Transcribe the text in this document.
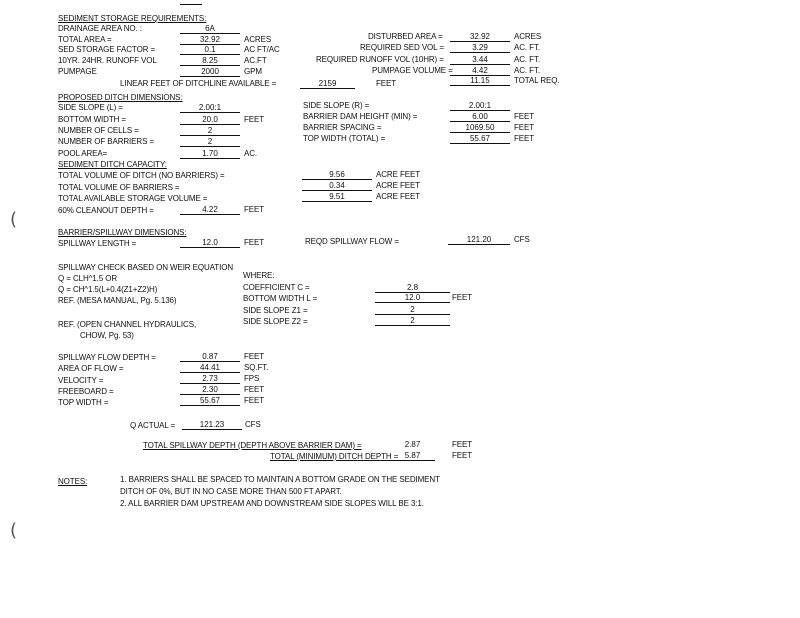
SEDIMENT STORAGE REQUIREMENTS:
DRAINAGE AREA NO. :	6A
TOTAL AREA =	32.92	ACRES
SED STORAGE FACTOR =	0.1	AC FT/AC
10YR. 24HR. RUNOFF VOL	8.25	AC.FT
PUMPAGE	2000	GPM
DISTURBED AREA =	32.92	ACRES
REQUIRED SED VOL =	3.29	AC. FT.
REQUIRED RUNOFF VOL (10HR) =	3.44	AC. FT.
PUMPAGE VOLUME =	4.42	AC. FT.
LINEAR FEET OF DITCHLINE AVAILABLE =	2159	FEET	11.15	TOTAL REQ.
PROPOSED DITCH DIMENSIONS:
SIDE SLOPE (L) =	2.00:1
BOTTOM WIDTH =	20.0	FEET
NUMBER OF CELLS =	2
NUMBER OF BARRIERS =	2
POOL AREA=	1.70	AC.
SIDE SLOPE (R) =	2.00:1
BARRIER DAM HEIGHT (MIN) =	6.00	FEET
BARRIER SPACING =	1069.50	FEET
TOP WIDTH (TOTAL) =	55.67	FEET
SEDIMENT DITCH CAPACITY:
TOTAL VOLUME OF DITCH (NO BARRIERS) =	9.56	ACRE FEET
TOTAL VOLUME OF BARRIERS =	0.34	ACRE FEET
TOTAL AVAILABLE STORAGE VOLUME =	9.51	ACRE FEET
60% CLEANOUT DEPTH =	4.22	FEET
BARRIER/SPILLWAY DIMENSIONS:
SPILLWAY LENGTH =	12.0	FEET	REQD SPILLWAY FLOW =	121.20	CFS
SPILLWAY CHECK BASED ON WEIR EQUATION
Q = CLH^1.5 OR
Q = CH^1.5(L+0.4(Z1+Z2)H)
REF. (MESA MANUAL, Pg. 5.136)
REF. (OPEN CHANNEL HYDRAULICS,
CHOW, Pg. 53)
WHERE:
COEFFICIENT C =	2.8
BOTTOM WIDTH L =	12.0	FEET
SIDE SLOPE Z1 =	2
SIDE SLOPE Z2 =	2
SPILLWAY FLOW DEPTH =	0.87	FEET
AREA OF FLOW =	44.41	SQ.FT.
VELOCITY =	2.73	FPS
FREEBOARD =	2.30	FEET
TOP WIDTH =	55.67	FEET
Q ACTUAL =	121.23	CFS
TOTAL SPILLWAY DEPTH (DEPTH ABOVE BARRIER DAM) =	2.87	FEET
TOTAL (MINIMUM) DITCH DEPTH = 5.87	FEET
NOTES:	1. BARRIERS SHALL BE SPACED TO MAINTAIN A BOTTOM GRADE ON THE SEDIMENT
DITCH OF 0%, BUT IN NO CASE MORE THAN 500 FT APART.
2. ALL BARRIER DAM UPSTREAM AND DOWNSTREAM SIDE SLOPES WILL BE 3:1.
(
(
